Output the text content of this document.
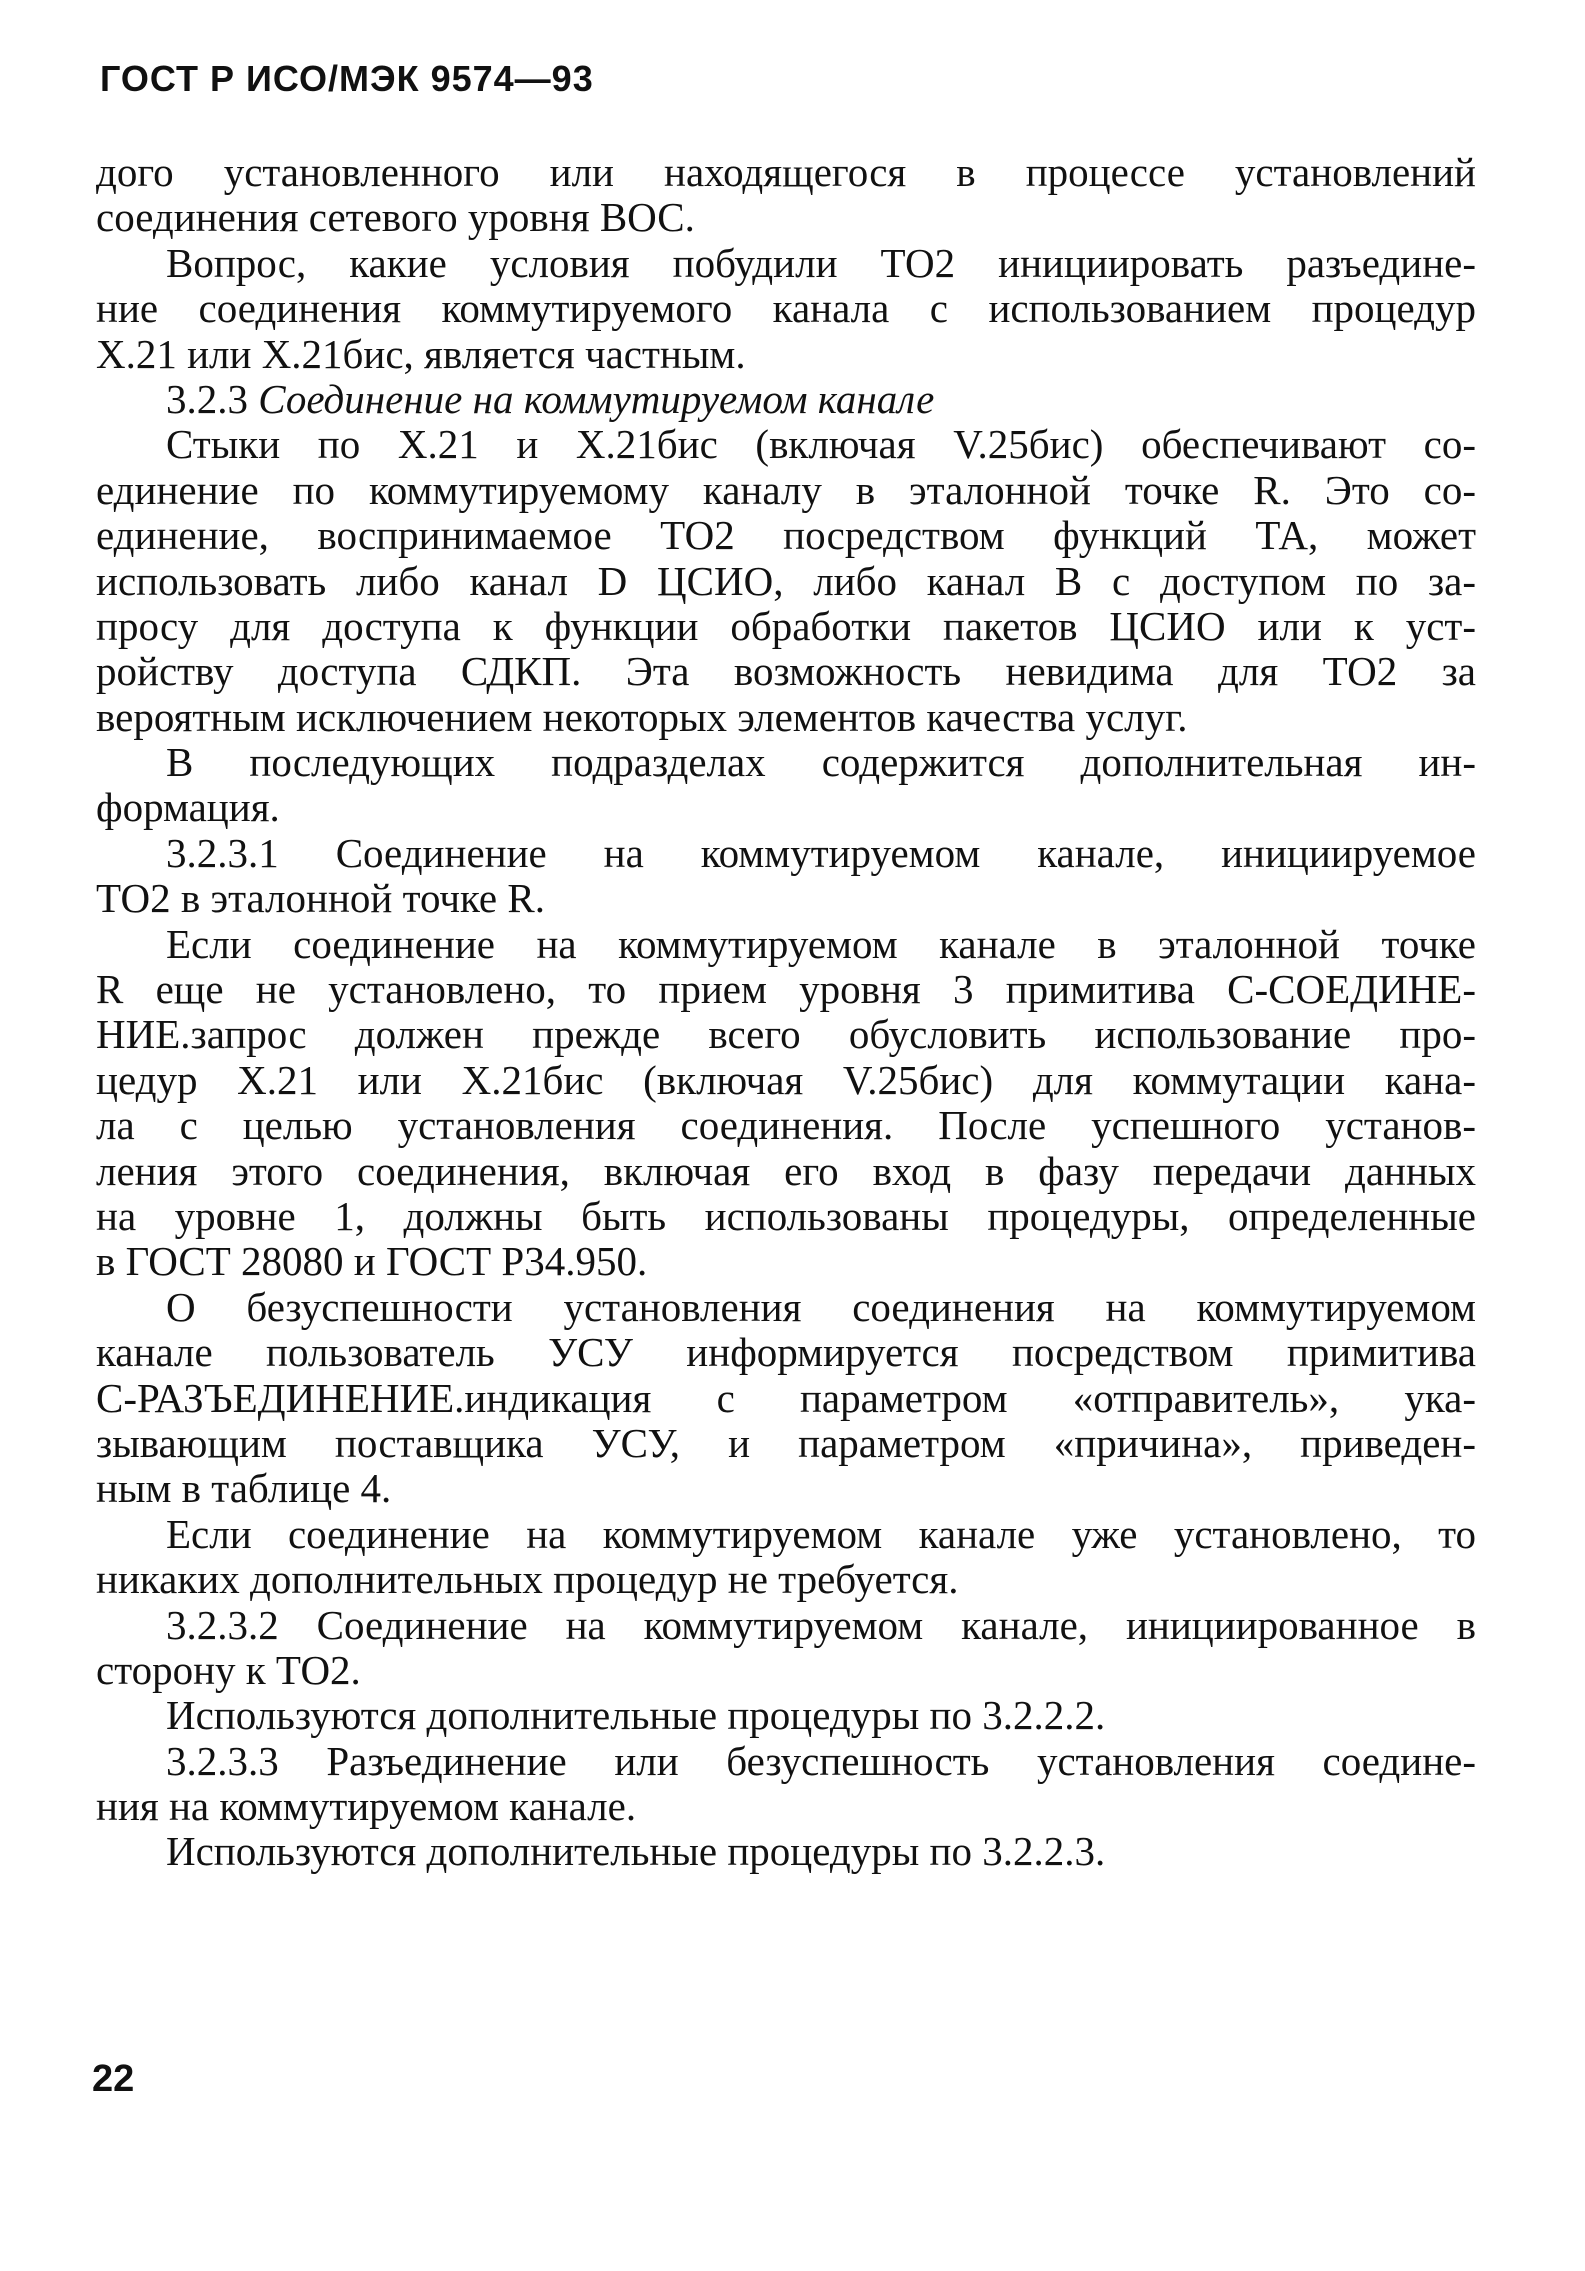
ГОСТ Р ИСО/МЭК 9574—93
дого установленного или находящегося в процессе установлений
соединения сетевого уровня ВОС.
Вопрос, какие условия побудили ТО2 инициировать разъедине-
ние соединения коммутируемого канала с использованием процедур
X.21 или X.21бис, является частным.
3.2.3 Соединение на коммутируемом канале
Стыки по X.21 и X.21бис (включая V.25бис) обеспечивают со-
единение по коммутируемому каналу в эталонной точке R. Это со-
единение, воспринимаемое ТО2 посредством функций ТА, может
использовать либо канал D ЦСИО, либо канал B с доступом по за-
просу для доступа к функции обработки пакетов ЦСИО или к уст-
ройству доступа СДКП. Эта возможность невидима для ТО2 за
вероятным исключением некоторых элементов качества услуг.
В последующих подразделах содержится дополнительная ин-
формация.
3.2.3.1 Соединение на коммутируемом канале, инициируемое
ТО2 в эталонной точке R.
Если соединение на коммутируемом канале в эталонной точке
R еще не установлено, то прием уровня 3 примитива С-СОЕДИНЕ-
НИЕ.запрос должен прежде всего обусловить использование про-
цедур X.21 или X.21бис (включая V.25бис) для коммутации кана-
ла с целью установления соединения. После успешного установ-
ления этого соединения, включая его вход в фазу передачи данных
на уровне 1, должны быть использованы процедуры, определенные
в ГОСТ 28080 и ГОСТ Р34.950.
О безуспешности установления соединения на коммутируемом
канале пользователь УСУ информируется посредством примитива
С-РАЗЪЕДИНЕНИЕ.индикация с параметром «отправитель», ука-
зывающим поставщика УСУ, и параметром «причина», приведен-
ным в таблице 4.
Если соединение на коммутируемом канале уже установлено, то
никаких дополнительных процедур не требуется.
3.2.3.2 Соединение на коммутируемом канале, инициированное в
сторону к ТО2.
Используются дополнительные процедуры по 3.2.2.2.
3.2.3.3 Разъединение или безуспешность установления соедине-
ния на коммутируемом канале.
Используются дополнительные процедуры по 3.2.2.3.
22
